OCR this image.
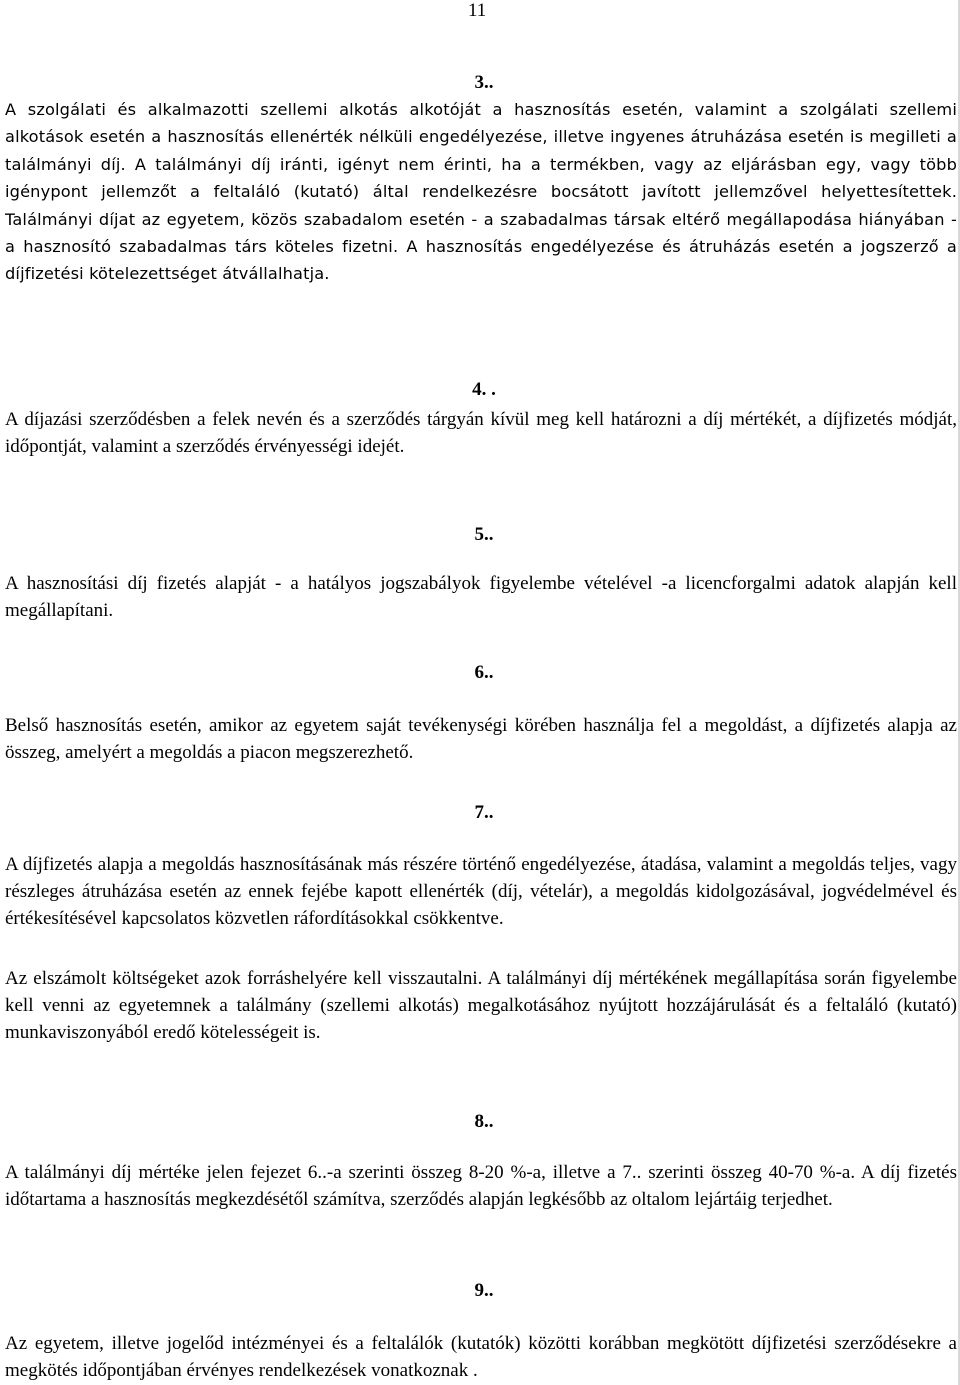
11
3..

A szolgálati és alkalmazotti szellemi alkotás alkotóját a hasznosítás esetén, valamint a szolgálati szellemi alkotások esetén a hasznosítás ellenérték nélküli engedélyezése, illetve ingyenes átruházása esetén is megilleti a találmányi díj. A találmányi díj iránti, igényt nem érinti, ha a termékben, vagy az eljárásban egy, vagy több igénypont jellemzőt a feltaláló (kutató) által rendelkezésre bocsátott javított jellemzővel helyettesítettek. Találmányi díjat az egyetem, közös szabadalom esetén - a szabadalmas társak eltérő megállapodása hiányában - a hasznosító szabadalmas társ köteles fizetni. A hasznosítás engedélyezése és átruházás esetén a jogszerző a díjfizetési kötelezettséget átvállalhatja.

4. .

A díjazási szerződésben a felek nevén és a szerződés tárgyán kívül meg kell határozni a díj mértékét, a díjfizetés módját, időpontját, valamint a szerződés érvényességi idejét.

5..

A hasznosítási díj fizetés alapját - a hatályos jogszabályok figyelembe vételével -a licencforgalmi adatok alapján kell megállapítani.

6..

Belső hasznosítás esetén, amikor az egyetem saját tevékenységi körében használja fel a megoldást, a díjfizetés alapja az összeg, amelyért a megoldás a piacon megszerezhető.

7..

A díjfizetés alapja a megoldás hasznosításának más részére történő engedélyezése, átadása, valamint a megoldás teljes, vagy részleges átruházása esetén az ennek fejébe kapott ellenérték (díj, vételár), a megoldás kidolgozásával, jogvédelmével és értékesítésével kapcsolatos közvetlen ráfordításokkal csökkentve.

Az elszámolt költségeket azok forráshelyére kell visszautalni. A találmányi díj mértékének megállapítása során figyelembe kell venni az egyetemnek a találmány (szellemi alkotás) megalkotásához nyújtott hozzájárulását és a feltaláló (kutató) munkaviszonyából eredő kötelességeit is.

8..

A találmányi díj mértéke jelen fejezet 6..-a szerinti összeg 8-20 %-a, illetve a 7.. szerinti összeg 40-70 %-a. A díj fizetés időtartama a hasznosítás megkezdésétől számítva, szerződés alapján legkésőbb az oltalom lejártáig terjedhet.

9..

Az egyetem, illetve jogelőd intézményei és a feltalálók (kutatók) közötti korábban megkötött díjfizetési szerződésekre a megkötés időpontjában érvényes rendelkezések vonatkoznak .
